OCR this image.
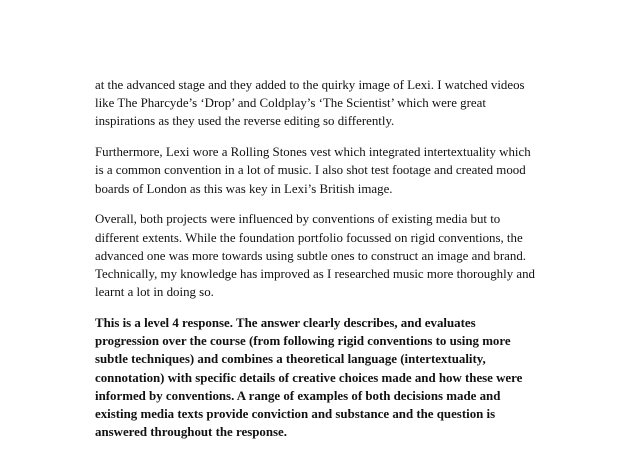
at the advanced stage and they added to the quirky image of Lexi. I watched videos
like The Pharcyde’s ‘Drop’ and Coldplay’s ‘The Scientist’ which were great
inspirations as they used the reverse editing so differently.

Furthermore, Lexi wore a Rolling Stones vest which integrated intertextuality which
is a common convention in a lot of music. I also shot test footage and created mood
boards of London as this was key in Lexi’s British image.

Overall, both projects were influenced by conventions of existing media but to
different extents. While the foundation portfolio focussed on rigid conventions, the
advanced one was more towards using subtle ones to construct an image and brand.
Technically, my knowledge has improved as I researched music more thoroughly and
learnt a lot in doing so.

This is a level 4 response. The answer clearly describes, and evaluates
progression over the course (from following rigid conventions to using more
subtle techniques) and combines a theoretical language (intertextuality,
connotation) with specific details of creative choices made and how these were
informed by conventions. A range of examples of both decisions made and
existing media texts provide conviction and substance and the question is
answered throughout the response.
